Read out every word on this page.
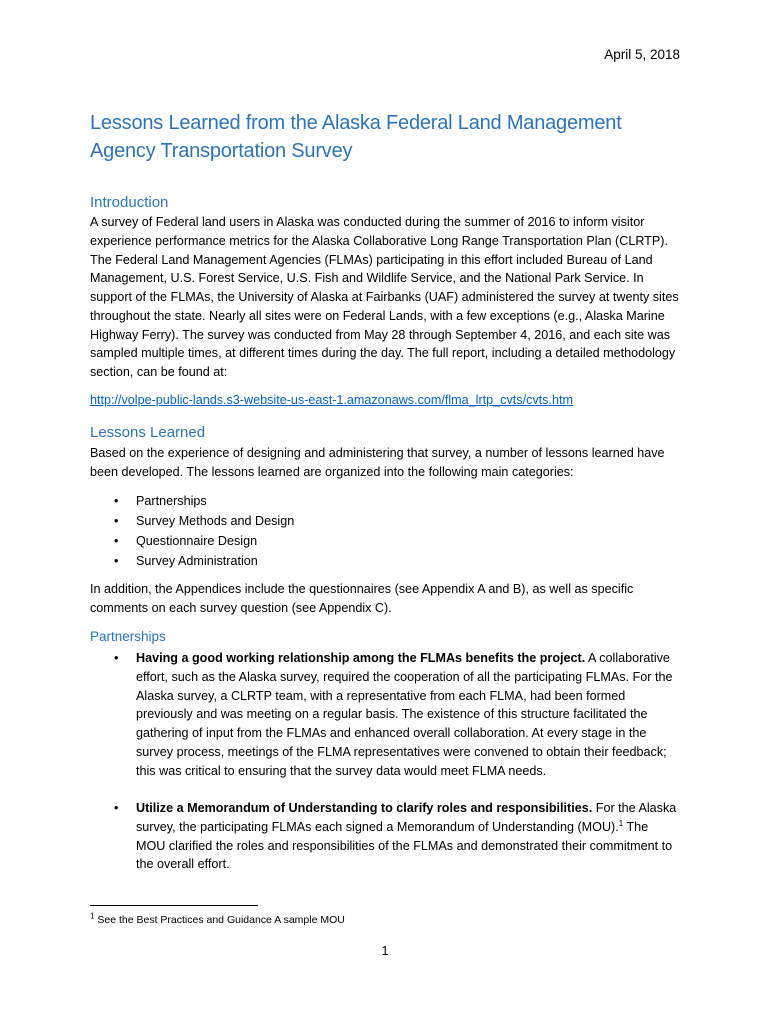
April 5, 2018
Lessons Learned from the Alaska Federal Land Management Agency Transportation Survey
Introduction

A survey of Federal land users in Alaska was conducted during the summer of 2016 to inform visitor experience performance metrics for the Alaska Collaborative Long Range Transportation Plan (CLRTP). The Federal Land Management Agencies (FLMAs) participating in this effort included Bureau of Land Management, U.S. Forest Service, U.S. Fish and Wildlife Service, and the National Park Service. In support of the FLMAs, the University of Alaska at Fairbanks (UAF) administered the survey at twenty sites throughout the state. Nearly all sites were on Federal Lands, with a few exceptions (e.g., Alaska Marine Highway Ferry). The survey was conducted from May 28 through September 4, 2016, and each site was sampled multiple times, at different times during the day. The full report, including a detailed methodology section, can be found at:

http://volpe-public-lands.s3-website-us-east-1.amazonaws.com/flma_lrtp_cvts/cvts.htm
Lessons Learned

Based on the experience of designing and administering that survey, a number of lessons learned have been developed. The lessons learned are organized into the following main categories:

• Partnerships
• Survey Methods and Design
• Questionnaire Design
• Survey Administration

In addition, the Appendices include the questionnaires (see Appendix A and B), as well as specific comments on each survey question (see Appendix C).

Partnerships
• Having a good working relationship among the FLMAs benefits the project. A collaborative effort, such as the Alaska survey, required the cooperation of all the participating FLMAs. For the Alaska survey, a CLRTP team, with a representative from each FLMA, had been formed previously and was meeting on a regular basis. The existence of this structure facilitated the gathering of input from the FLMAs and enhanced overall collaboration. At every stage in the survey process, meetings of the FLMA representatives were convened to obtain their feedback; this was critical to ensuring that the survey data would meet FLMA needs.
• Utilize a Memorandum of Understanding to clarify roles and responsibilities. For the Alaska survey, the participating FLMAs each signed a Memorandum of Understanding (MOU).$^1$ The MOU clarified the roles and responsibilities of the FLMAs and demonstrated their commitment to the overall effort.
$^1$ See the Best Practices and Guidance A sample MOU
1
